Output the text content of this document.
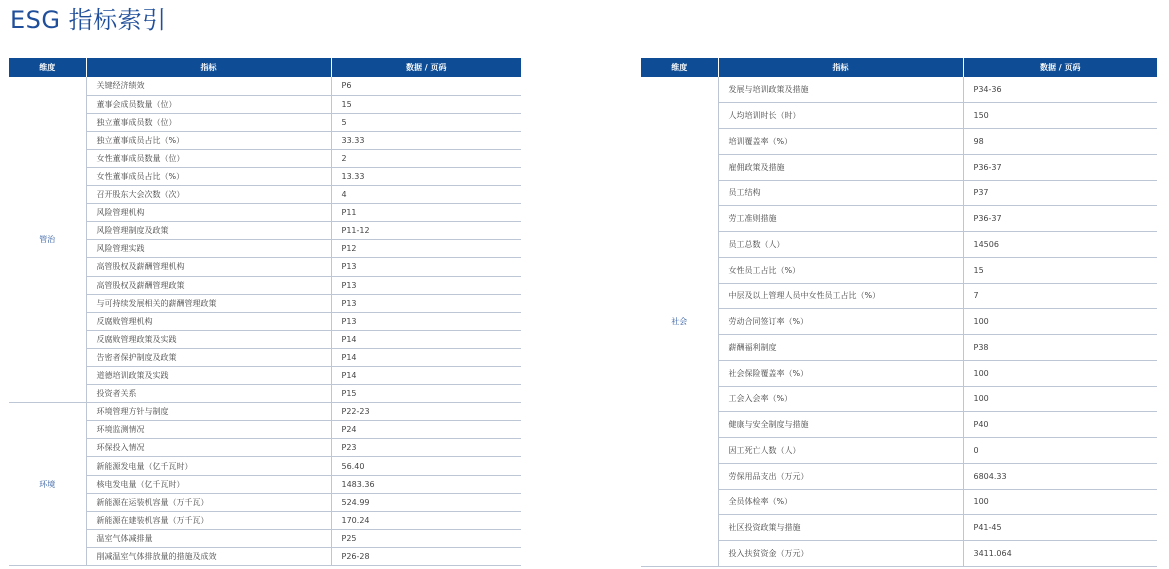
ESG 指标索引
维度	指标	数据 / 页码
管治	关键经济绩效	P6
	董事会成员数量（位）	15
	独立董事成员数（位）	5
	独立董事成员占比（%）	33.33
	女性董事成员数量（位）	2
	女性董事成员占比（%）	13.33
	召开股东大会次数（次）	4
	风险管理机构	P11
	风险管理制度及政策	P11-12
	风险管理实践	P12
	高管股权及薪酬管理机构	P13
	高管股权及薪酬管理政策	P13
	与可持续发展相关的薪酬管理政策	P13
	反腐败管理机构	P13
	反腐败管理政策及实践	P14
	告密者保护制度及政策	P14
	道德培训政策及实践	P14
	投资者关系	P15
环境	环境管理方针与制度	P22-23
	环境监测情况	P24
	环保投入情况	P23
	新能源发电量（亿千瓦时）	56.40
	核电发电量（亿千瓦时）	1483.36
	新能源在运装机容量（万千瓦）	524.99
	新能源在建装机容量（万千瓦）	170.24
	温室气体减排量	P25
	削减温室气体排放量的措施及成效	P26-28
维度	指标	数据 / 页码
社会	发展与培训政策及措施	P34-36
	人均培训时长（时）	150
	培训覆盖率（%）	98
	雇佣政策及措施	P36-37
	员工结构	P37
	劳工准则措施	P36-37
	员工总数（人）	14506
	女性员工占比（%）	15
	中层及以上管理人员中女性员工占比（%）	7
	劳动合同签订率（%）	100
	薪酬福利制度	P38
	社会保险覆盖率（%）	100
	工会入会率（%）	100
	健康与安全制度与措施	P40
	因工死亡人数（人）	0
	劳保用品支出（万元）	6804.33
	全员体检率（%）	100
	社区投资政策与措施	P41-45
	投入扶贫资金（万元）	3411.064
